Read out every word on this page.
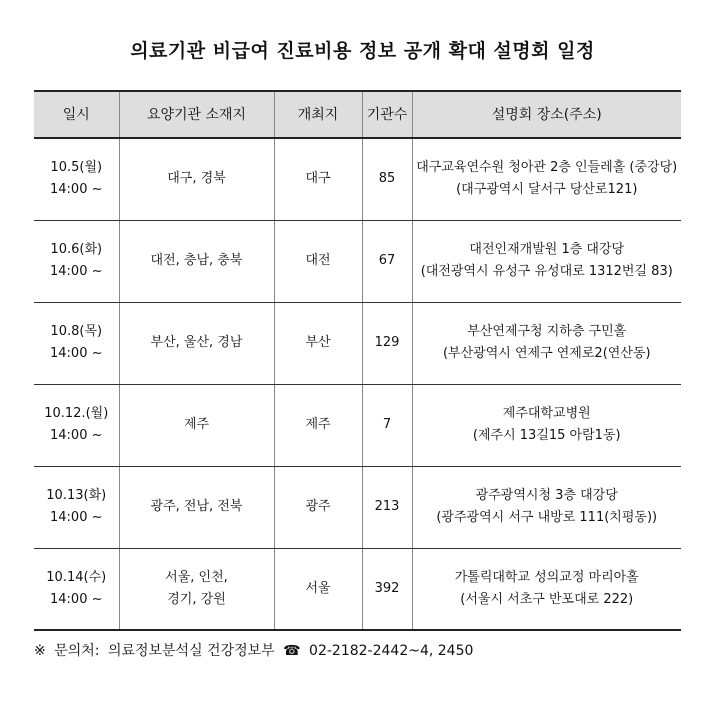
의료기관 비급여 진료비용 정보 공개 확대 설명회 일정
일시	요양기관 소재지	개최지	기관수	설명회 장소(주소)

10.5(월)
14:00 ~	대구, 경북	대구	85	대구교육연수원 청아관 2층 인들레홀 (중강당)
(대구광역시 달서구 당산로121)

10.6(화)
14:00 ~	대전, 충남, 충북	대전	67	대전인재개발원 1층 대강당
(대전광역시 유성구 유성대로 1312번길 83)

10.8(목)
14:00 ~	부산, 울산, 경남	부산	129	부산연제구청 지하층 구민홀
(부산광역시 연제구 연제로2(연산동)

10.12.(월)
14:00 ~	제주	제주	7	제주대학교병원
(제주시 13길15 아람1동)

10.13(화)
14:00 ~	광주, 전남, 전북	광주	213	광주광역시청 3층 대강당
(광주광역시 서구 내방로 111(치평동))

10.14(수)
14:00 ~	서울, 인천,
경기, 강원	서울	392	가톨릭대학교 성의교정 마리아홀
(서울시 서초구 반포대로 222)
※ 문의처: 의료정보분석실 건강정보부 ☎ 02-2182-2442~4, 2450
